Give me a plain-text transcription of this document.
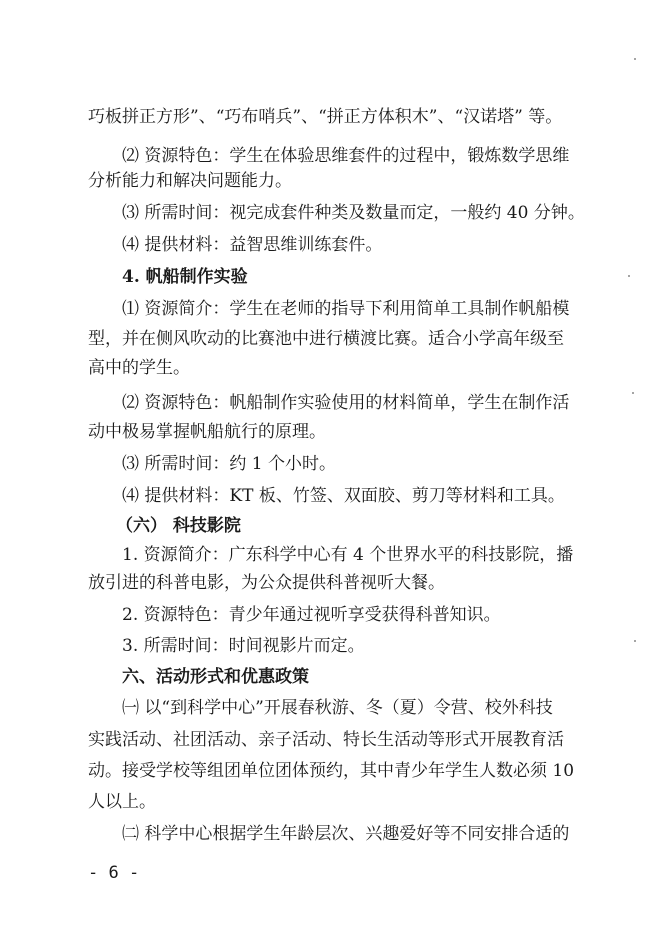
巧板拼正方形”、“巧布哨兵”、“拼正方体积木”、“汉诺塔” 等。
⑵ 资源特色：学生在体验思维套件的过程中，锻炼数学思维
分析能力和解决问题能力。
⑶ 所需时间：视完成套件种类及数量而定，一般约 40 分钟。
⑷ 提供材料：益智思维训练套件。
4. 帆船制作实验
⑴ 资源简介：学生在老师的指导下利用简单工具制作帆船模
型，并在侧风吹动的比赛池中进行横渡比赛。适合小学高年级至
高中的学生。
⑵ 资源特色：帆船制作实验使用的材料简单，学生在制作活
动中极易掌握帆船航行的原理。
⑶ 所需时间：约 1 个小时。
⑷ 提供材料：KT 板、竹签、双面胶、剪刀等材料和工具。
（六） 科技影院
1. 资源简介：广东科学中心有 4 个世界水平的科技影院，播
放引进的科普电影，为公众提供科普视听大餐。
2. 资源特色：青少年通过视听享受获得科普知识。
3. 所需时间：时间视影片而定。
六、活动形式和优惠政策
㈠ 以“到科学中心”开展春秋游、冬（夏）令营、校外科技
实践活动、社团活动、亲子活动、特长生活动等形式开展教育活
动。接受学校等组团单位团体预约，其中青少年学生人数必须 10
人以上。
㈡ 科学中心根据学生年龄层次、兴趣爱好等不同安排合适的
- 6 -
